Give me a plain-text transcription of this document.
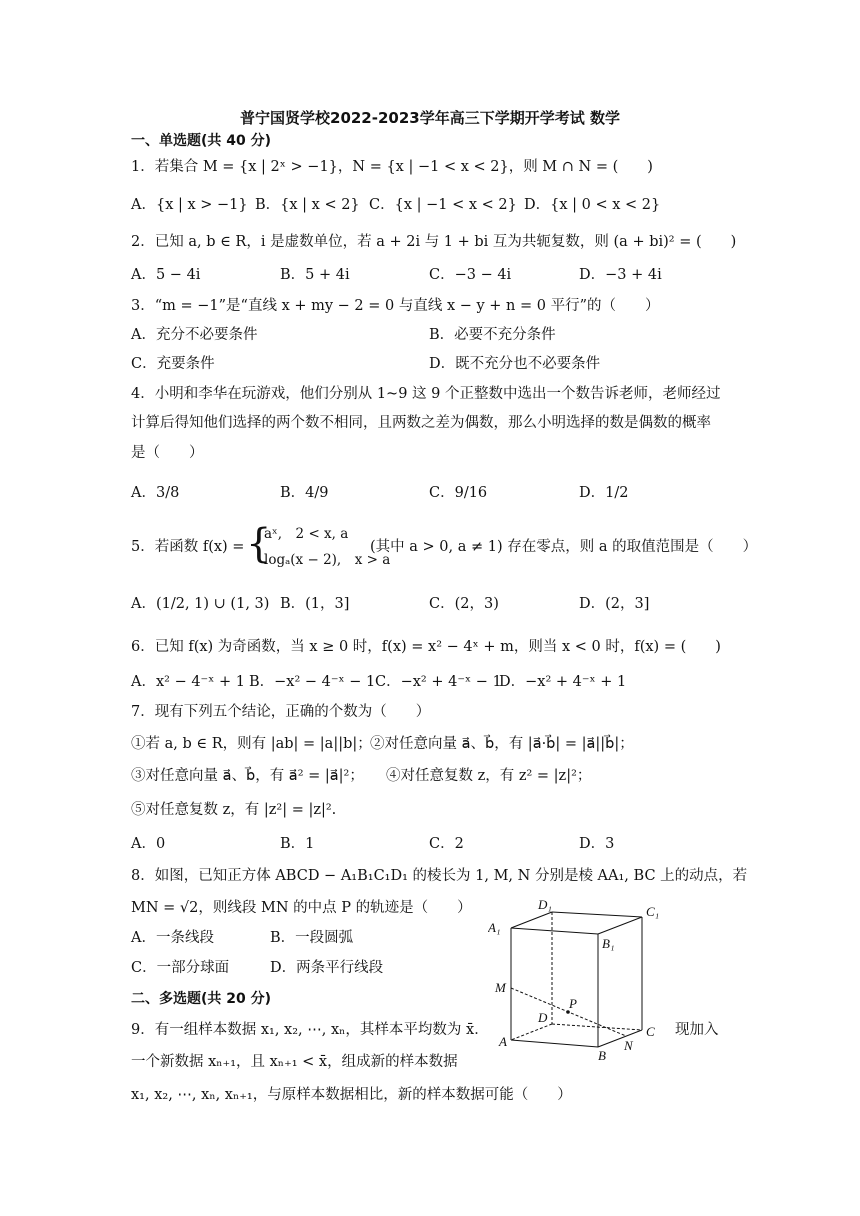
普宁国贤学校2022-2023学年高三下学期开学考试 数学
一、单选题(共 40 分)
1．若集合 M = {x | 2ˣ > −1}，N = {x | −1 < x < 2}，则 M ∩ N = (　　)
A．{x | x > −1} B．{x | x < 2} C．{x | −1 < x < 2} D．{x | 0 < x < 2}
2．已知 a, b ∈ R，i 是虚数单位，若 a + 2i 与 1 + bi 互为共轭复数，则 (a + bi)² = (　　)
A．5 − 4i	B．5 + 4i	C．−3 − 4i	D．−3 + 4i
3．“m = −1”是“直线 x + my − 2 = 0 与直线 x − y + n = 0 平行”的（　　）
A．充分不必要条件	B．必要不充分条件
C．充要条件	D．既不充分也不必要条件
4．小明和李华在玩游戏，他们分别从 1~9 这 9 个正整数中选出一个数告诉老师，老师经过
计算后得知他们选择的两个数不相同，且两数之差为偶数，那么小明选择的数是偶数的概率
是（　　）
A．3/8	B．4/9	C．9/16	D．1/2
5．若函数 f(x) = {
aˣ,　2 < x, a
logₐ(x − 2),　x > a
(其中 a > 0, a ≠ 1) 存在零点，则 a 的取值范围是（　　）
A．(1/2, 1) ∪ (1, 3) B．(1，3]	C．(2，3)	D．(2，3]
6．已知 f(x) 为奇函数，当 x ≥ 0 时，f(x) = x² − 4ˣ + m，则当 x < 0 时，f(x) = (　　)
A．x² − 4⁻ˣ + 1 B．−x² − 4⁻ˣ − 1 C．−x² + 4⁻ˣ − 1
D．−x² + 4⁻ˣ + 1
7．现有下列五个结论，正确的个数为（　　）
①若 a, b ∈ R，则有 |ab| = |a||b|；
②对任意向量 a⃗、b⃗，有 |a⃗·b⃗| = |a⃗||b⃗|；
③对任意向量 a⃗、b⃗，有 a⃗² = |a⃗|²； ④对任意复数 z，有 z² = |z|²；
⑤对任意复数 z，有 |z²| = |z|².
A．0	B．1	C．2	D．3
8．如图，已知正方体 ABCD − A₁B₁C₁D₁ 的棱长为 1, M, N 分别是棱 AA₁, BC 上的动点，若
MN = √2，则线段 MN 的中点 P 的轨迹是（　　）
A．一条线段	B．一段圆弧
C．一部分球面	D．两条平行线段
A₁
D₁	C₁
B₁
M
P
D
C
N
A
B
二、多选题(共 20 分)
9．有一组样本数据 x₁, x₂, ⋯, xₙ，其样本平均数为 x̄．	现加入
一个新数据 xₙ₊₁，且 xₙ₊₁ < x̄，组成新的样本数据
x₁, x₂, ⋯, xₙ, xₙ₊₁，与原样本数据相比，新的样本数据可能（　　）
